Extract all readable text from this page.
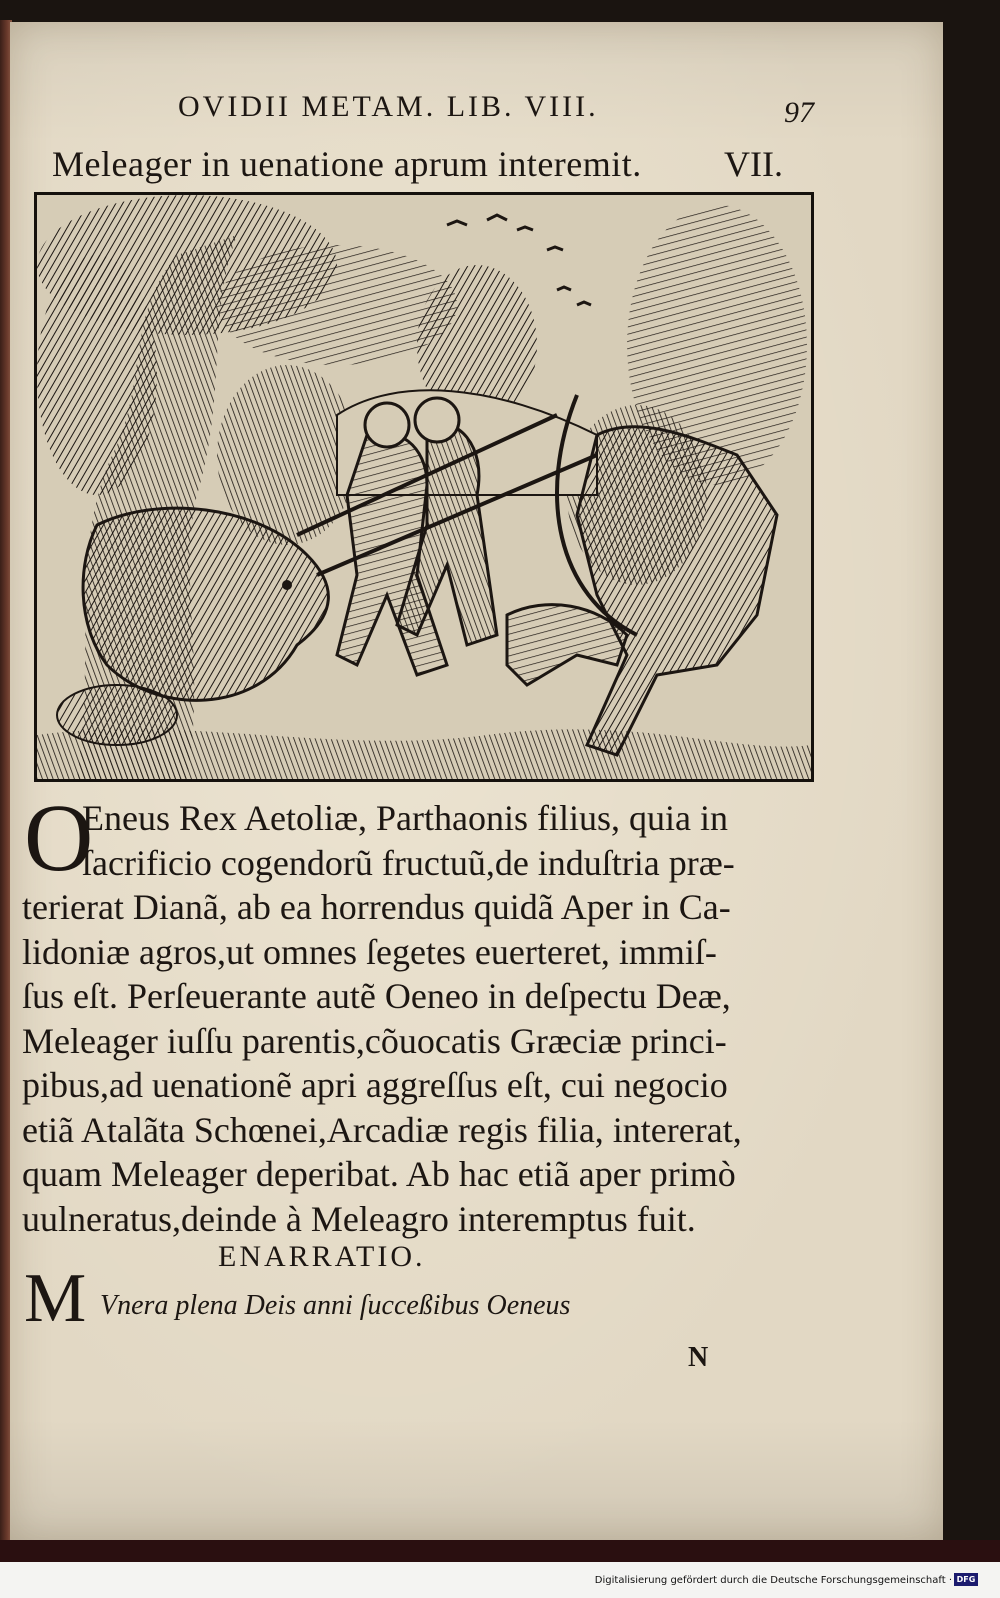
OVIDII METAM. LIB. VIII.	97
Meleager in uenatione aprum interemit. VII.
O
Eneus Rex Aetoliæ, Parthaonis filius, quia in
ſacrificio cogendorũ fructuũ,de induſtria præ-
terierat Dianã, ab ea horrendus quidã Aper in Ca-
lidoniæ agros,ut omnes ſegetes euerteret, immiſ-
ſus eſt. Perſeuerante autẽ Oeneo in deſpectu Deæ,
Meleager iuſſu parentis,cõuocatis Græciæ princi-
pibus,ad uenationẽ apri aggreſſus eſt, cui negocio
etiã Atalãta Schœnei,Arcadiæ regis filia, intererat,
quam Meleager deperibat. Ab hac etiã aper primò
uulneratus,deinde à Meleagro interemptus fuit.
ENARRATIO.
M Vnera plena Deis anni ſucceßibus Oeneus
N
Digitalisierung gefördert durch die Deutsche Forschungsgemeinschaft · DFG
